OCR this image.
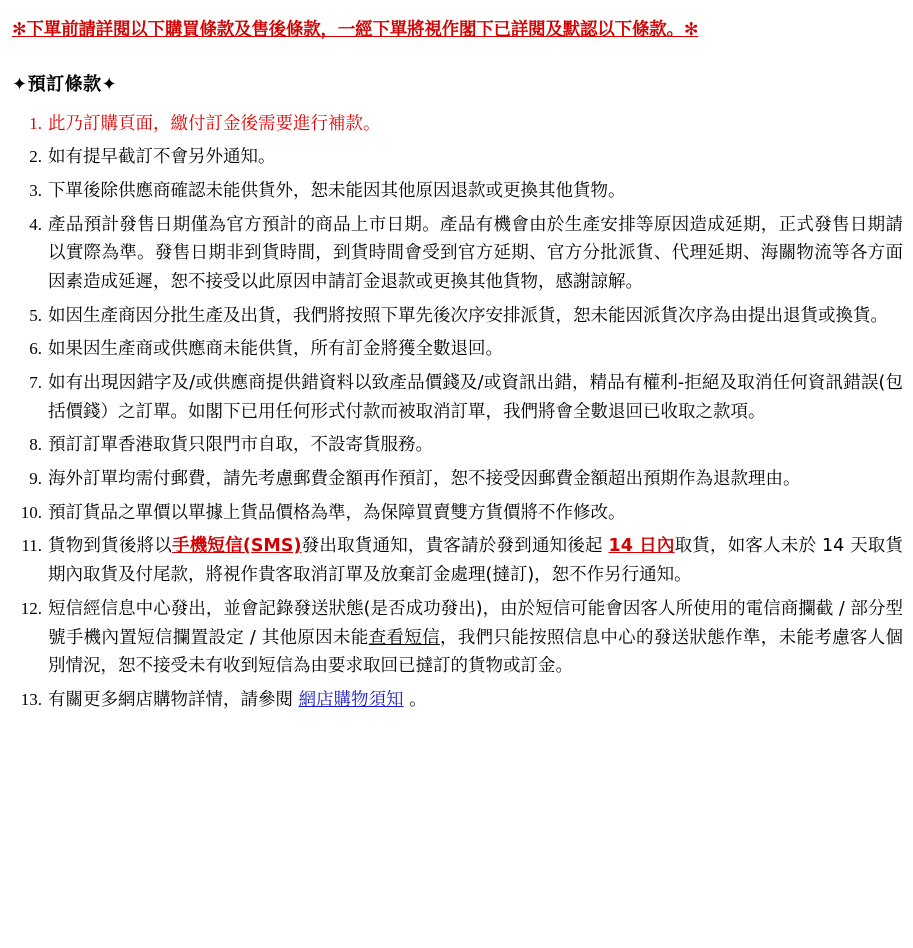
✻下單前請詳閱以下購買條款及售後條款，一經下單將視作閣下已詳閱及默認以下條款。✻
✦預訂條款✦
此乃訂購頁面，繳付訂金後需要進行補款。
如有提早截訂不會另外通知。
下單後除供應商確認未能供貨外，恕未能因其他原因退款或更換其他貨物。
產品預計發售日期僅為官方預計的商品上市日期。產品有機會由於生產安排等原因造成延期，正式發售日期請以實際為準。發售日期非到貨時間，到貨時間會受到官方延期、官方分批派貨、代理延期、海關物流等各方面因素造成延遲，恕不接受以此原因申請訂金退款或更換其他貨物，感謝諒解。
如因生產商因分批生產及出貨，我們將按照下單先後次序安排派貨，恕未能因派貨次序為由提出退貨或換貨。
如果因生產商或供應商未能供貨，所有訂金將獲全數退回。
如有出現因錯字及/或供應商提供錯資料以致產品價錢及/或資訊出錯，精品有權利-拒絕及取消任何資訊錯誤(包括價錢）之訂單。如閣下已用任何形式付款而被取消訂單，我們將會全數退回已收取之款項。
預訂訂單香港取貨只限門市自取，不設寄貨服務。
海外訂單均需付郵費，請先考慮郵費金額再作預訂，恕不接受因郵費金額超出預期作為退款理由。
預訂貨品之單價以單據上貨品價格為準，為保障買賣雙方貨價將不作修改。
貨物到貨後將以手機短信(SMS)發出取貨通知，貴客請於發到通知後起 14 日內取貨，如客人未於 14 天取貨期內取貨及付尾款，將視作貴客取消訂單及放棄訂金處理(撻訂)，恕不作另行通知。
短信經信息中心發出，並會記錄發送狀態(是否成功發出)，由於短信可能會因客人所使用的電信商攔截 / 部分型號手機內置短信攔置設定 / 其他原因未能查看短信，我們只能按照信息中心的發送狀態作準，未能考慮客人個別情況，恕不接受未有收到短信為由要求取回已撻訂的貨物或訂金。
有關更多網店購物詳情，請參閱 網店購物須知 。
